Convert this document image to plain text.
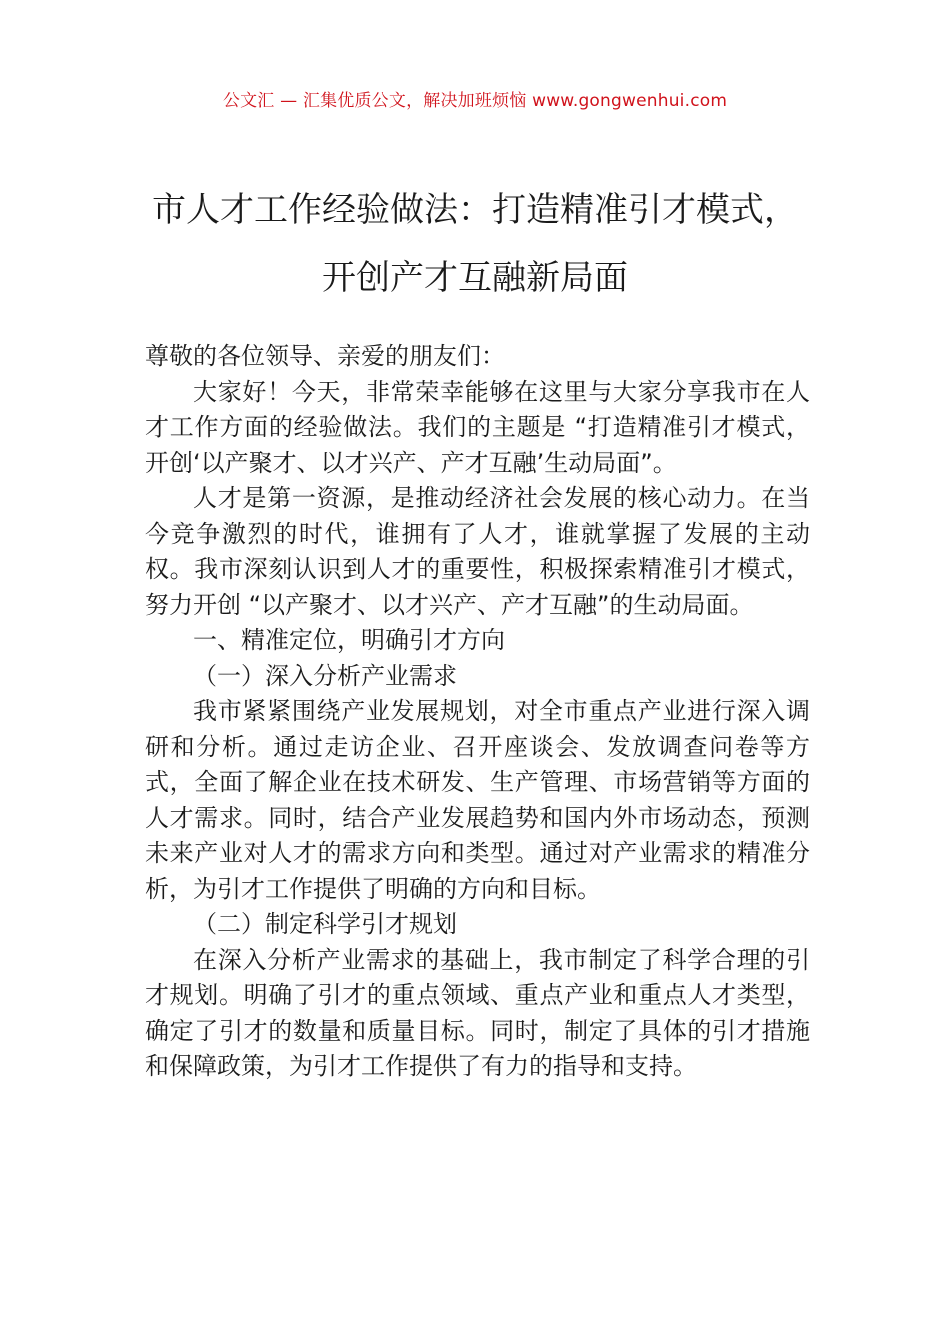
公文汇 — 汇集优质公文，解决加班烦恼 www.gongwenhui.com
市人才工作经验做法：打造精准引才模式，
开创产才互融新局面

尊敬的各位领导、亲爱的朋友们：

大家好！今天，非常荣幸能够在这里与大家分享我市在人才工作方面的经验做法。我们的主题是 “打造精准引才模式，开创‘以产聚才、以才兴产、产才互融’生动局面”。

人才是第一资源，是推动经济社会发展的核心动力。在当今竞争激烈的时代，谁拥有了人才，谁就掌握了发展的主动权。我市深刻认识到人才的重要性，积极探索精准引才模式，努力开创 “以产聚才、以才兴产、产才互融”的生动局面。

一、精准定位，明确引才方向

（一）深入分析产业需求

我市紧紧围绕产业发展规划，对全市重点产业进行深入调研和分析。通过走访企业、召开座谈会、发放调查问卷等方式，全面了解企业在技术研发、生产管理、市场营销等方面的人才需求。同时，结合产业发展趋势和国内外市场动态，预测未来产业对人才的需求方向和类型。通过对产业需求的精准分析，为引才工作提供了明确的方向和目标。

（二）制定科学引才规划

在深入分析产业需求的基础上，我市制定了科学合理的引才规划。明确了引才的重点领域、重点产业和重点人才类型，确定了引才的数量和质量目标。同时，制定了具体的引才措施和保障政策，为引才工作提供了有力的指导和支持。
